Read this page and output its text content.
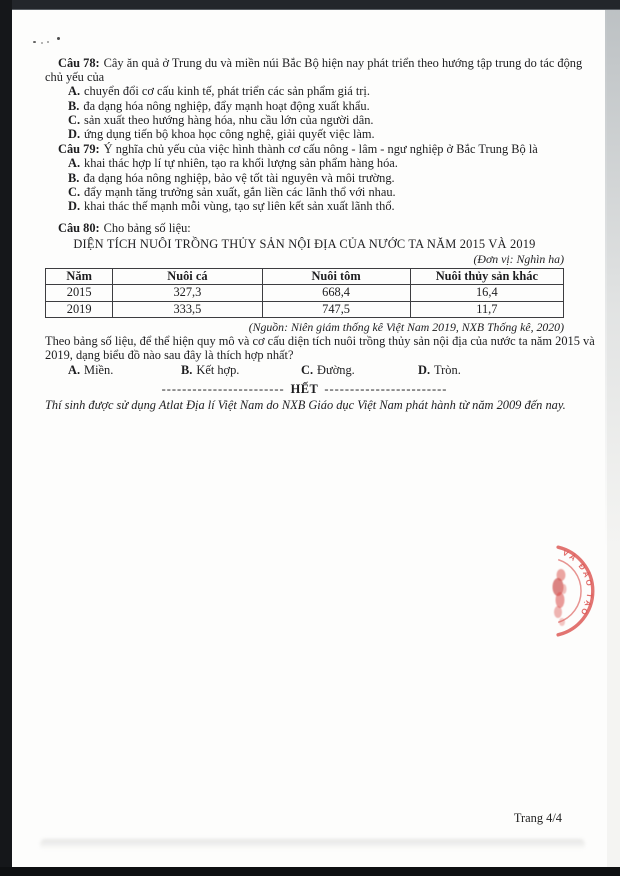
Câu 78: Cây ăn quả ở Trung du và miền núi Bắc Bộ hiện nay phát triển theo hướng tập trung do tác động
chủ yếu của
A. chuyển đổi cơ cấu kinh tế, phát triển các sản phẩm giá trị.
B. đa dạng hóa nông nghiệp, đẩy mạnh hoạt động xuất khẩu.
C. sản xuất theo hướng hàng hóa, nhu cầu lớn của người dân.
D. ứng dụng tiến bộ khoa học công nghệ, giải quyết việc làm.
Câu 79: Ý nghĩa chủ yếu của việc hình thành cơ cấu nông - lâm - ngư nghiệp ở Bắc Trung Bộ là
A. khai thác hợp lí tự nhiên, tạo ra khối lượng sản phẩm hàng hóa.
B. đa dạng hóa nông nghiệp, bảo vệ tốt tài nguyên và môi trường.
C. đẩy mạnh tăng trưởng sản xuất, gắn liền các lãnh thổ với nhau.
D. khai thác thế mạnh mỗi vùng, tạo sự liên kết sản xuất lãnh thổ.
Câu 80: Cho bảng số liệu:
DIỆN TÍCH NUÔI TRỒNG THỦY SẢN NỘI ĐỊA CỦA NƯỚC TA NĂM 2015 VÀ 2019
(Đơn vị: Nghìn ha)
Năm	Nuôi cá	Nuôi tôm	Nuôi thủy sản khác
2015	327,3	668,4	16,4
2019	333,5	747,5	11,7
(Nguồn: Niên giám thống kê Việt Nam 2019, NXB Thống kê, 2020)
Theo bảng số liệu, để thể hiện quy mô và cơ cấu diện tích nuôi trồng thủy sản nội địa của nước ta năm 2015 và
2019, dạng biểu đồ nào sau đây là thích hợp nhất?
A. Miền.	B. Kết hợp.	C. Đường.	D. Tròn.
------------------------ HẾT ------------------------
Thí sinh được sử dụng Atlat Địa lí Việt Nam do NXB Giáo dục Việt Nam phát hành từ năm 2009 đến nay.
VÀ ĐÀO TẠO
Trang 4/4
